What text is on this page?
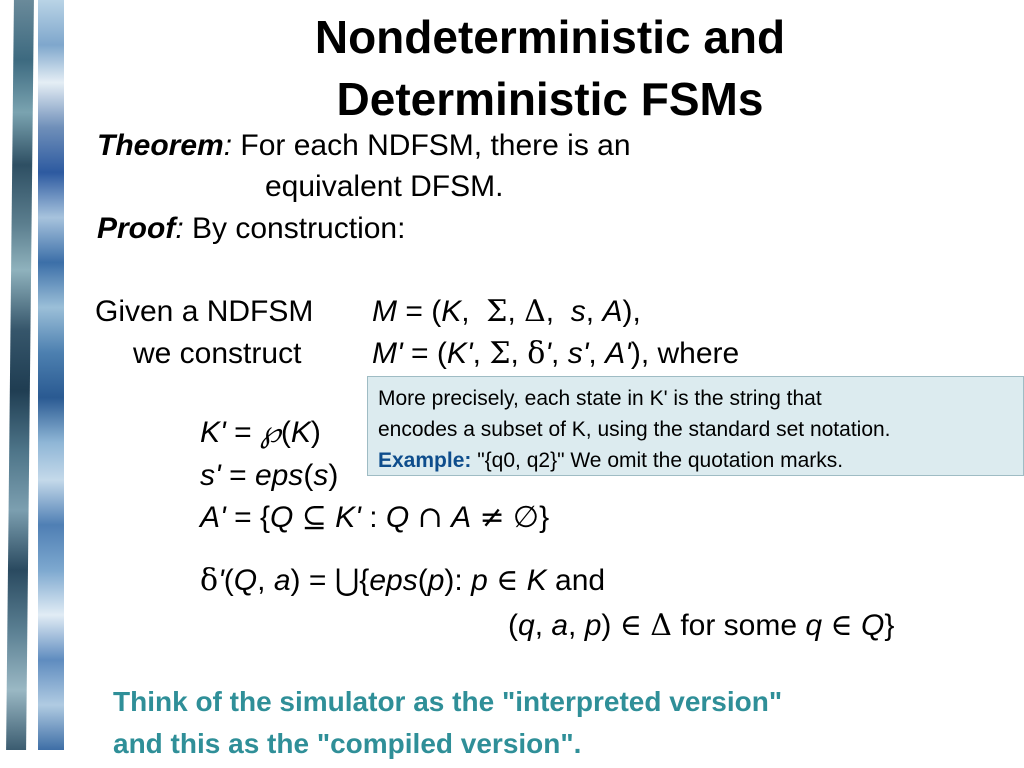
Nondeterministic and
Deterministic FSMs
Theorem: For each NDFSM, there is an
equivalent DFSM.
Proof: By construction:
Given a NDFSM
we construct
M = (K,  Σ, Δ,  s, A),
M' = (K', Σ, δ', s', A'), where
More precisely, each state in K' is the string that
encodes a subset of K, using the standard set notation.
Example: "{q0, q2}" We omit the quotation marks.
K' = ℘(K)
s' = eps(s)
A' = {Q ⊆ K' : Q ∩ A ≠ ∅}
δ'(Q, a) = ⋃{eps(p): p ∈ K and
(q, a, p) ∈ Δ for some q ∈ Q}
Think of the simulator as the "interpreted version"
and this as the "compiled version".
